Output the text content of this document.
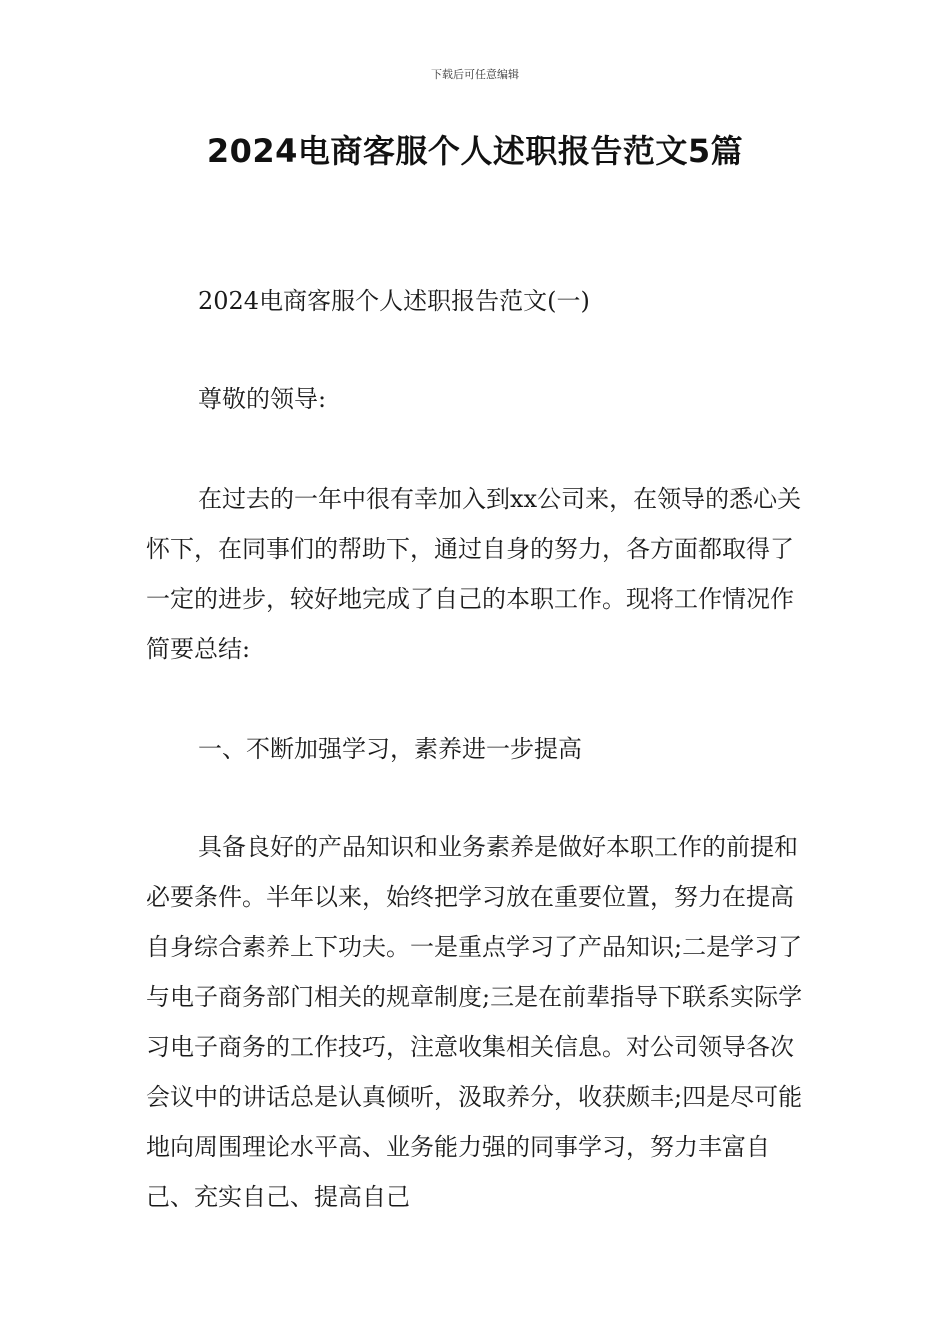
下载后可任意编辑
2024电商客服个人述职报告范文5篇

2024电商客服个人述职报告范文(一)

尊敬的领导:

在过去的一年中很有幸加入到xx公司来，在领导的悉心关怀下，在同事们的帮助下，通过自身的努力，各方面都取得了一定的进步，较好地完成了自己的本职工作。现将工作情况作简要总结:

一、不断加强学习，素养进一步提高

具备良好的产品知识和业务素养是做好本职工作的前提和必要条件。半年以来，始终把学习放在重要位置，努力在提高自身综合素养上下功夫。一是重点学习了产品知识;二是学习了与电子商务部门相关的规章制度;三是在前辈指导下联系实际学习电子商务的工作技巧，注意收集相关信息。对公司领导各次会议中的讲话总是认真倾听，汲取养分，收获颇丰;四是尽可能地向周围理论水平高、业务能力强的同事学习，努力丰富自己、充实自己、提高自己
